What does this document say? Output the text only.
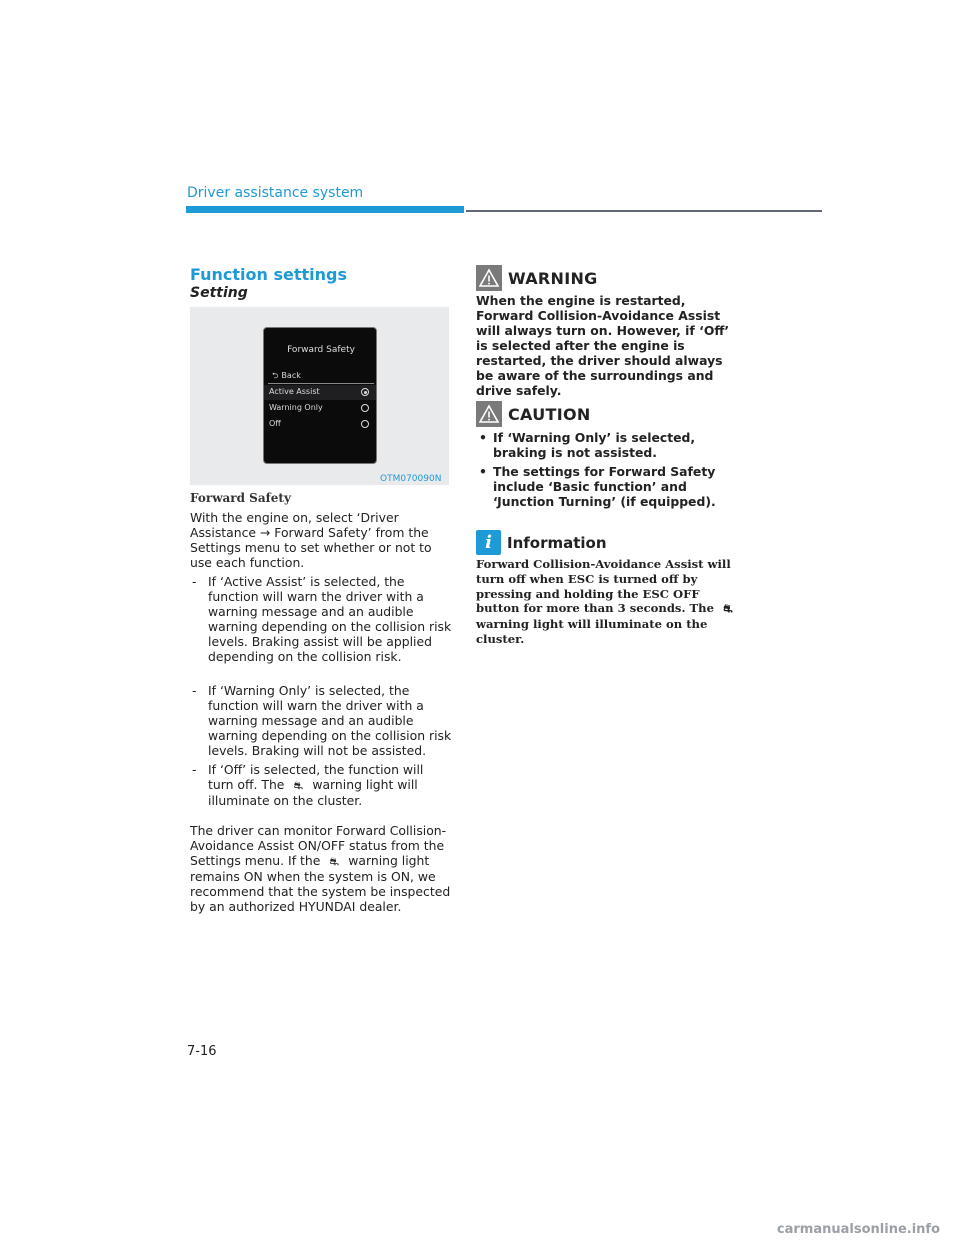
Driver assistance system
Function settings
Setting
Forward Safety
⮌ Back
Active Assist
Warning Only
Off
OTM070090N
Forward Safety
With the engine on, select ‘Driver Assistance → Forward Safety’ from the Settings menu to set whether or not to use each function.
- If ‘Active Assist’ is selected, the function will warn the driver with a warning message and an audible warning depending on the collision risk levels. Braking assist will be applied depending on the collision risk.
- If ‘Warning Only’ is selected, the function will warn the driver with a warning message and an audible warning depending on the collision risk levels. Braking will not be assisted.
- If ‘Off’ is selected, the function will turn off. The ⛐ warning light will illuminate on the cluster.
The driver can monitor Forward Collision-Avoidance Assist ON/OFF status from the Settings menu. If the ⛐ warning light remains ON when the system is ON, we recommend that the system be inspected by an authorized HYUNDAI dealer.
WARNING
When the engine is restarted, Forward Collision-Avoidance Assist will always turn on. However, if ‘Off’ is selected after the engine is restarted, the driver should always be aware of the surroundings and drive safely.
CAUTION
• If ‘Warning Only’ is selected, braking is not assisted.
• The settings for Forward Safety include ‘Basic function’ and ‘Junction Turning’ (if equipped).
i	Information
Forward Collision-Avoidance Assist will turn off when ESC is turned off by pressing and holding the ESC OFF button for more than 3 seconds. The ⛐ warning light will illuminate on the cluster.
7-16
carmanualsonline.info
